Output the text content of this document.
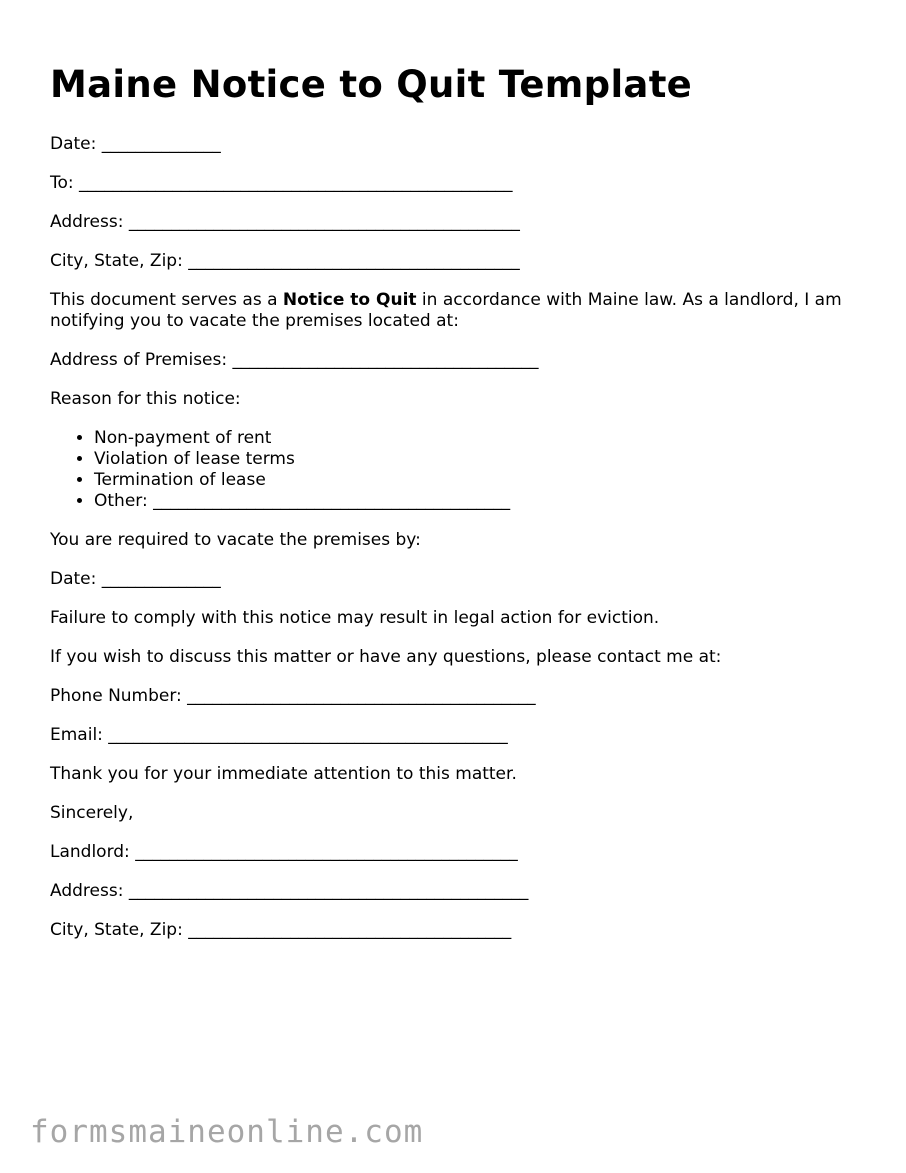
Maine Notice to Quit Template

Date: ______________

To: ___________________________________________________

Address: ______________________________________________

City, State, Zip: _______________________________________

This document serves as a Notice to Quit in accordance with Maine law. As a landlord, I am notifying you to vacate the premises located at:

Address of Premises: ____________________________________

Reason for this notice:

• Non-payment of rent
• Violation of lease terms
• Termination of lease
• Other: __________________________________________

You are required to vacate the premises by:

Date: ______________

Failure to comply with this notice may result in legal action for eviction.

If you wish to discuss this matter or have any questions, please contact me at:

Phone Number: _________________________________________

Email: _______________________________________________

Thank you for your immediate attention to this matter.

Sincerely,

Landlord: _____________________________________________

Address: _______________________________________________

City, State, Zip: ______________________________________

formsmaineonline.com
